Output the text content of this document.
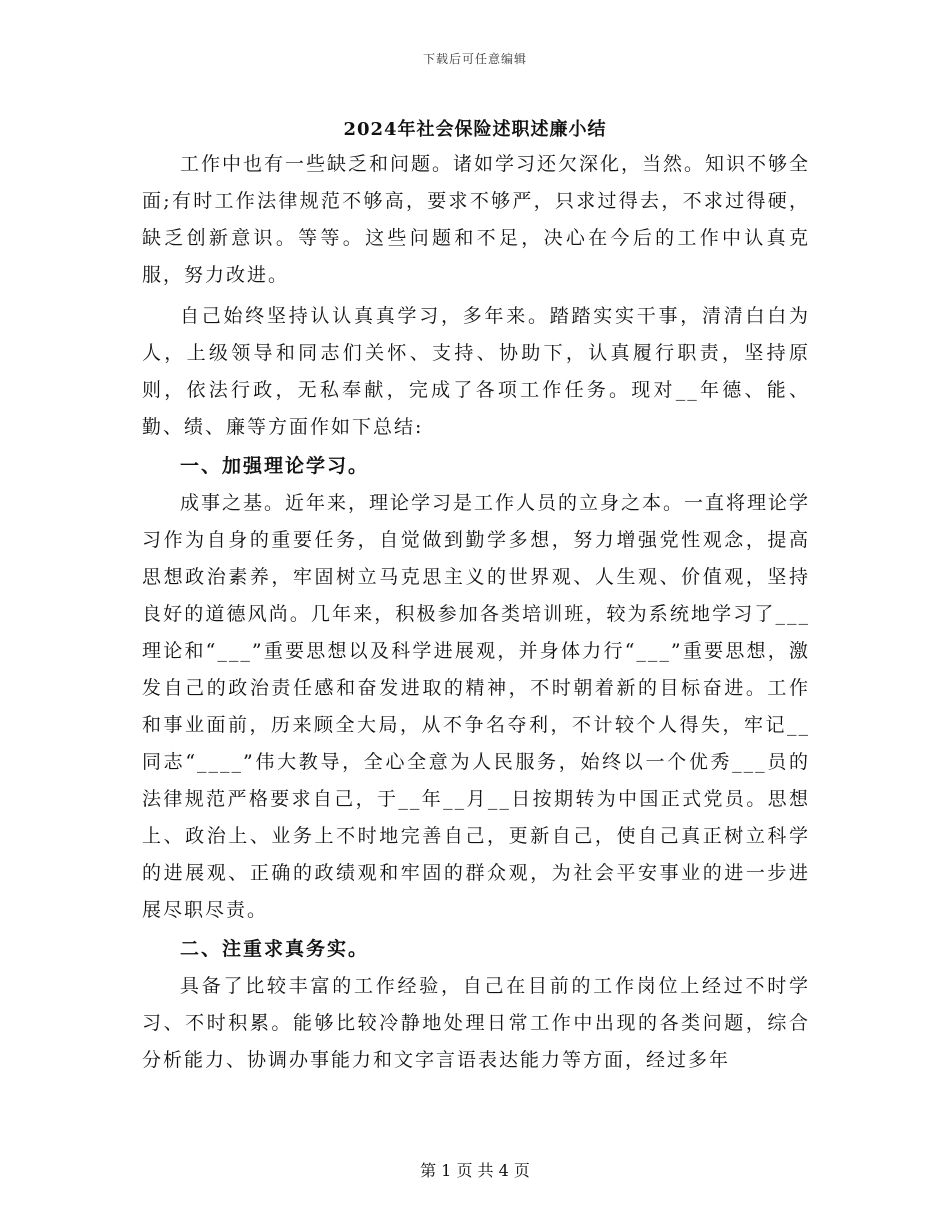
下载后可任意编辑
2024年社会保险述职述廉小结

工作中也有一些缺乏和问题。诸如学习还欠深化，当然。知识不够全面;有时工作法律规范不够高，要求不够严，只求过得去，不求过得硬，缺乏创新意识。等等。这些问题和不足，决心在今后的工作中认真克服，努力改进。

自己始终坚持认认真真学习，多年来。踏踏实实干事，清清白白为人，上级领导和同志们关怀、支持、协助下，认真履行职责，坚持原则，依法行政，无私奉献，完成了各项工作任务。现对__年德、能、勤、绩、廉等方面作如下总结:

一、加强理论学习。

成事之基。近年来，理论学习是工作人员的立身之本。一直将理论学习作为自身的重要任务，自觉做到勤学多想，努力增强党性观念，提高思想政治素养，牢固树立马克思主义的世界观、人生观、价值观，坚持良好的道德风尚。几年来，积极参加各类培训班，较为系统地学习了___理论和“___”重要思想以及科学进展观，并身体力行“___”重要思想，激发自己的政治责任感和奋发进取的精神，不时朝着新的目标奋进。工作和事业面前，历来顾全大局，从不争名夺利，不计较个人得失，牢记__同志“____”伟大教导，全心全意为人民服务，始终以一个优秀___员的法律规范严格要求自己，于__年__月__日按期转为中国正式党员。思想上、政治上、业务上不时地完善自己，更新自己，使自己真正树立科学的进展观、正确的政绩观和牢固的群众观，为社会平安事业的进一步进展尽职尽责。

二、注重求真务实。

具备了比较丰富的工作经验，自己在目前的工作岗位上经过不时学习、不时积累。能够比较冷静地处理日常工作中出现的各类问题，综合分析能力、协调办事能力和文字言语表达能力等方面，经过多年

第 1 页 共 4 页
